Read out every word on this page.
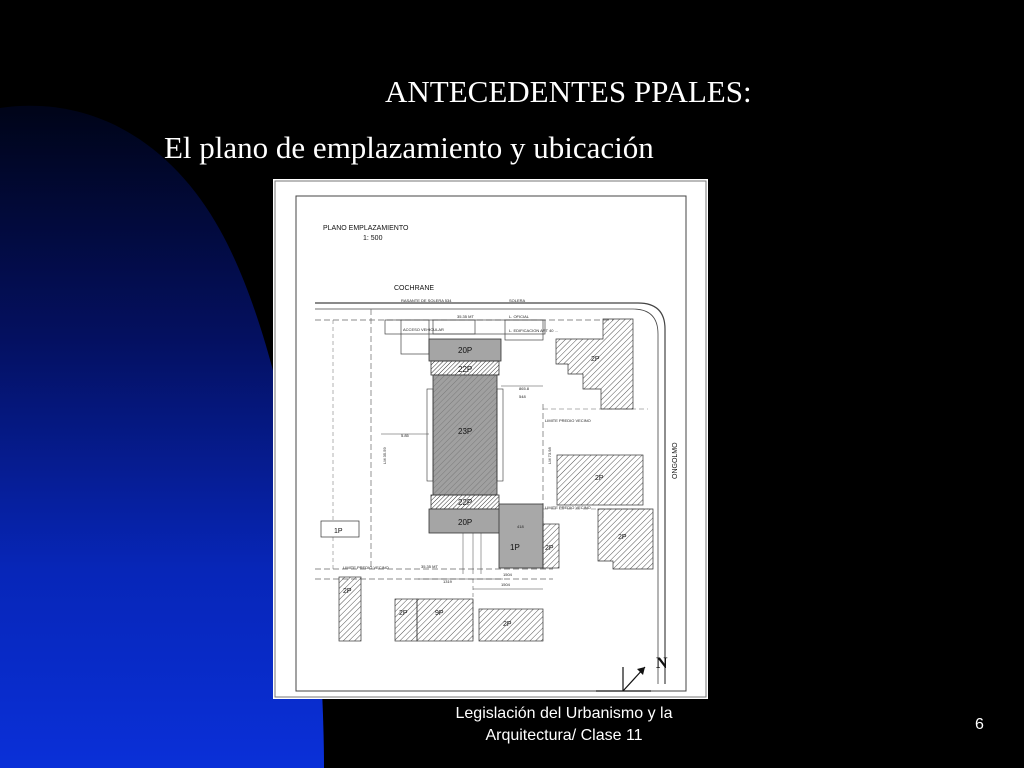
ANTECEDENTES PPALES:
El plano de emplazamiento y ubicación
PLANO EMPLAZAMIENTO
1: 500
COCHRANE
ONGOLMO
RASANTE DE SOLERA 534
35.35 MT
SOLERA
L. OFICIAL
ACCESO VEHICULAR	L. EDIFICACION ART 40 ...
20P
22P
23P
22P
20P
1P	2P
2P
2P
2P
1P
2P
2P	9P
2P
865.8
548
LIMITE PREDIO VECINO
LIMITE PREDIO VECINO
LIMITE PREDIO VECINO
5.85
35.35 MT
1319
1504
1504
418
LM 35.59	LM 73.98
N
Legislación del Urbanismo y la
Arquitectura/ Clase 11
6
